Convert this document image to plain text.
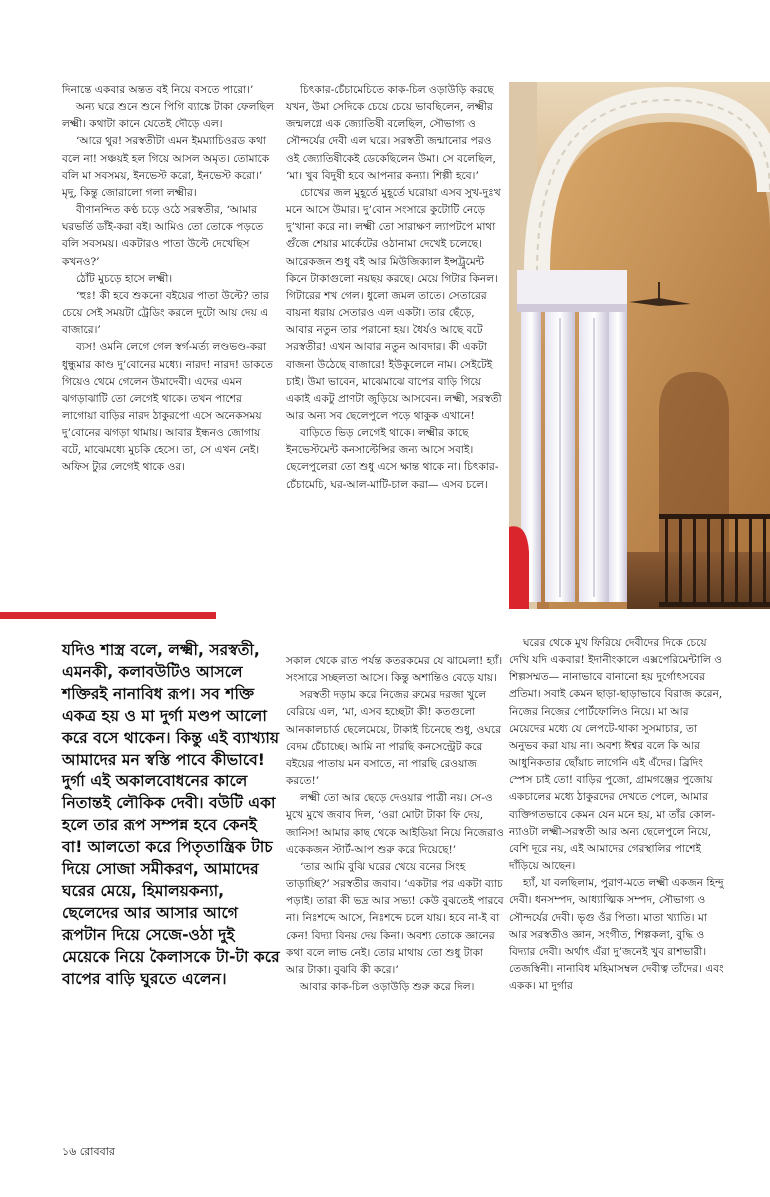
দিনান্তে একবার অন্তত বই নিয়ে বসতে পারো।’

অন্য ঘরে শুনে শুনে পিগি ব্যাঙ্কে টাকা ফেলছিল লক্ষ্মী। কথাটা কানে যেতেই দৌড়ে এল।

‘আরে থুর! সরস্বতীটা এমন ইমম্যাচিওরড কথা বলে না! সঞ্চয়ই হল গিয়ে আসল অমৃত। তোমাকে বলি মা সবসময়, ইনভেস্ট করো, ইনভেস্ট করো।’ মৃদু, কিন্তু জোরালো গলা লক্ষ্মীর।

বীণানন্দিত কণ্ঠ চড়ে ওঠে সরস্বতীর, ‘আমার ঘরভর্তি ডাঁই-করা বই। আমিও তো তোকে পড়তে বলি সবসময়। একটারও পাতা উল্টে দেখেছিস কখনও?’

ঠোঁট মুচড়ে হাসে লক্ষ্মী।

‘হুঃ! কী হবে শুকনো বইয়ের পাতা উল্টে? তার চেয়ে সেই সময়টা ট্রেডিং করলে দুটো আয় দেয় এ বাজারে।’

ব্যস! ওমনি লেগে গেল স্বর্গ-মর্ত্য লণ্ডভণ্ড-করা ধুন্ধুমার কাণ্ড দু’বোনের মধ্যে। নারদ! নারদ! ডাকতে গিয়েও থেমে গেলেন উমাদেবী। এদের এমন ঝগড়াঝাটি তো লেগেই থাকে। তখন পাশের লাগোয়া বাড়ির নারদ ঠাকুরপো এসে অনেকসময় দু’বোনের ঝগড়া থামায়। আবার ইন্ধনও জোগায় বটে, মাঝেমধ্যে মুচকি হেসে। তা, সে এখন নেই। অফিস ট্যুর লেগেই থাকে ওর।

চিৎকার-চেঁচামেচিতে কাক-চিল ওড়াউড়ি করছে যখন, উমা সেদিকে চেয়ে চেয়ে ভাবছিলেন, লক্ষ্মীর জন্মলগ্নে এক জ্যোতিষী বলেছিল, সৌভাগ্য ও সৌন্দর্যের দেবী এল ঘরে। সরস্বতী জন্মানোর পরও ওই জ্যোতিষীকেই ডেকেছিলেন উমা। সে বলেছিল, ‘মা। খুব বিদুষী হবে আপনার কন্যা। শিল্পী হবে।’

চোখের জল মুহূর্তে মুহূর্তে ঘরোয়া এসব সুখ-দুঃখ মনে আসে উমার। দু’বোন সংসারে কুটোটি নেড়ে দু’খানা করে না। লক্ষ্মী তো সারাক্ষণ ল্যাপটপে মাথা গুঁজে শেয়ার মার্কেটের ওঠানামা দেখেই চলেছে। আরেকজন শুধু বই আর মিউজিক্যাল ইন্সট্রুমেন্ট কিনে টাকাগুলো নয়ছয় করছে। মেয়ে গিটার কিনল। গিটারের শখ গেল। ধুলো জমল তাতে। সেতারের বায়না ধরায় সেতারও এল একটা। তার ছেঁড়ে, আবার নতুন তার পরানো হয়। ধৈর্যও আছে বটে সরস্বতীর! এখন আবার নতুন আবদার। কী একটা বাজনা উঠেছে বাজারে! ইউকুলেলে নাম। সেইটেই চাই। উমা ভাবেন, মাঝেমাঝে বাপের বাড়ি গিয়ে একাই একটু প্রাণটা জুড়িয়ে আসবেন। লক্ষ্মী, সরস্বতী আর অন্য সব ছেলেপুলে পড়ে থাকুক এখানে!

বাড়িতে ভিড় লেগেই থাকে। লক্ষ্মীর কাছে ইনভেস্টমেন্ট কনসাল্টেন্সির জন্য আসে সবাই। ছেলেপুলেরা তো শুধু এসে ক্ষান্ত থাকে না। চিৎকার-চেঁচামেচি, ঘর-আল-মাটি-চাল করা— এসব চলে।

যদিও শাস্ত্র বলে, লক্ষ্মী, সরস্বতী, এমনকী, কলাবউটিও আসলে শক্তিরই নানাবিধ রূপ। সব শক্তি একত্র হয় ও মা দুর্গা মণ্ডপ আলো করে বসে থাকেন। কিন্তু এই ব্যাখ্যায় আমাদের মন স্বস্তি পাবে কীভাবে! দুর্গা এই অকালবোধনের কালে নিতান্তই লৌকিক দেবী। বউটি একা হলে তার রূপ সম্পন্ন হবে কেনই বা! আলতো করে পিতৃতান্ত্রিক টাচ দিয়ে সোজা সমীকরণ, আমাদের ঘরের মেয়ে, হিমালয়কন্যা, ছেলেদের আর আসার আগে রূপটান দিয়ে সেজে-ওঠা দুই মেয়েকে নিয়ে কৈলাসকে টা-টা করে বাপের বাড়ি ঘুরতে এলেন।

সকাল থেকে রাত পর্যন্ত কতরকমের যে ঝামেলা! হ্যাঁ। সংসারে সচ্ছলতা আসে। কিন্তু অশান্তিও বেড়ে যায়।

সরস্বতী দড়াম করে নিজের রুমের দরজা খুলে বেরিয়ে এল, ‘মা, এসব হচ্ছেটা কী! কতগুলো আনকালচার্ড ছেলেমেয়ে, টাকাই চিনেছে শুধু, ওঘরে বেদম চেঁচাচ্ছে। আমি না পারছি কনসেন্ট্রেট করে বইয়ের পাতায় মন বসাতে, না পারছি রেওয়াজ করতে!’

লক্ষ্মী তো আর ছেড়ে দেওয়ার পাত্রী নয়। সে-ও মুখে মুখে জবাব দিল, ‘ওরা মোটা টাকা ফি দেয়, জানিস! আমার কাছ থেকে আইডিয়া নিয়ে নিজেরাও একেকজন স্টার্ট-আপ শুরু করে দিয়েছে!’

‘তার আমি বুঝি ঘরের খেয়ে বনের সিংহ তাড়াচ্ছি?’ সরস্বতীর জবাব। ‘একটার পর একটা ব্যাচ পড়াই। তারা কী ভদ্র আর সভ্য! কেউ বুঝতেই পারবে না। নিঃশব্দে আসে, নিঃশব্দে চলে যায়। হবে না-ই বা কেন! বিদ্যা বিনয় দেয় কিনা। অবশ্য তোকে জ্ঞানের কথা বলে লাভ নেই। তোর মাথায় তো শুধু টাকা আর টাকা। বুঝবি কী করে।’

আবার কাক-চিল ওড়াউড়ি শুরু করে দিল।

ঘরের থেকে মুখ ফিরিয়ে দেবীদের দিকে চেয়ে দেখি যদি একবার! ইদানীংকালে এক্সপেরিমেন্টালি ও শিল্পসম্মত— নানাভাবে বানানো হয় দুর্গোৎসবের প্রতিমা। সবাই কেমন ছাড়া-ছাড়াভাবে বিরাজ করেন, নিজের নিজের পোর্টফোলিও নিয়ে। মা আর মেয়েদের মধ্যে যে লেপটে-থাকা সুসমাচার, তা অনুভব করা যায় না। অবশ্য ঈশ্বর বলে কি আর আধুনিকতার ছোঁয়াচ লাগেনি এই এঁদের। ব্রিদিং স্পেস চাই তো! বাড়ির পুজো, গ্রামগঞ্জের পুজোয় একচালের মধ্যে ঠাকুরদের দেখতে পেলে, আমার ব্যক্তিগতভাবে কেমন যেন মনে হয়, মা তাঁর কোল-ন্যাওটা লক্ষ্মী-সরস্বতী আর অন্য ছেলেপুলে নিয়ে, বেশি দূরে নয়, এই আমাদের গেরস্থালির পাশেই দাঁড়িয়ে আছেন।

হ্যাঁ, যা বলছিলাম, পুরাণ-মতে লক্ষ্মী একজন হিন্দু দেবী। ধনসম্পদ, আধ্যাত্মিক সম্পদ, সৌভাগ্য ও সৌন্দর্যের দেবী। ভৃগু ওঁর পিতা। মাতা খ্যাতি। মা আর সরস্বতীও জ্ঞান, সংগীত, শিল্পকলা, বুদ্ধি ও বিদ্যার দেবী। অর্থাৎ এঁরা দু’জনেই খুব রাশভারী। তেজস্বিনী। নানাবিধ মহিমাসম্বল দেবীত্ব তাঁদের। এবং একক। মা দুর্গার

১৬ রোববার
